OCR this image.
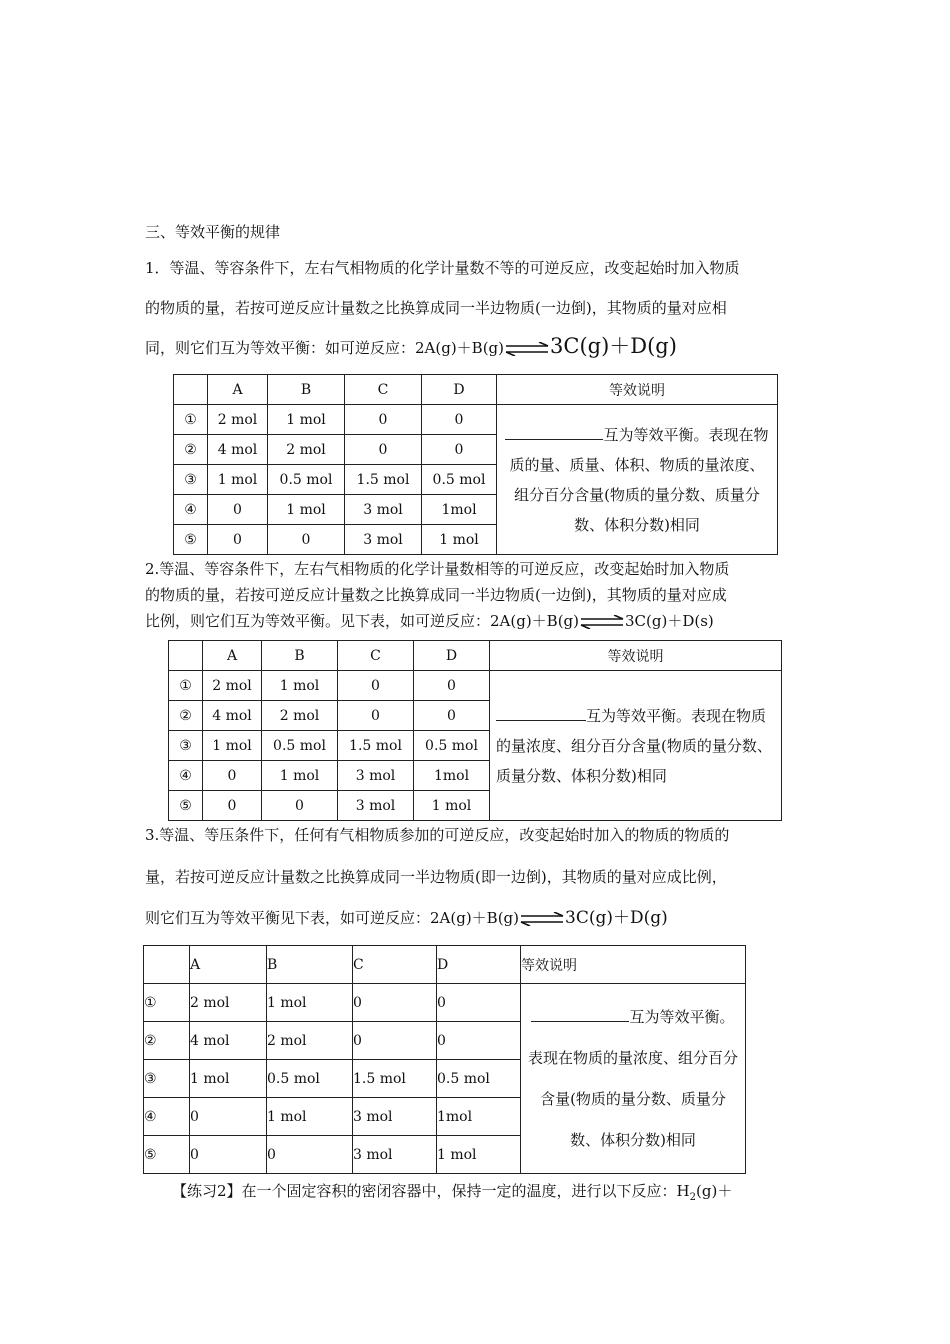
三、等效平衡的规律
1．等温、等容条件下，左右气相物质的化学计量数不等的可逆反应，改变起始时加入物质
的物质的量，若按可逆反应计量数之比换算成同一半边物质(一边倒)，其物质的量对应相
同，则它们互为等效平衡：如可逆反应：2A(g)＋B(g) 3C(g)＋D(g)
	A	B	C	D	等效说明
①	2 mol	1 mol	0	0	互为等效平衡。表现在物质的量、质量、体积、物质的量浓度、组分百分含量(物质的量分数、质量分数、体积分数)相同
②	4 mol	2 mol	0	0	
③	1 mol	0.5 mol	1.5 mol	0.5 mol	
④	0	1 mol	3 mol	1mol	
⑤	0	0	3 mol	1 mol	
2.等温、等容条件下，左右气相物质的化学计量数相等的可逆反应，改变起始时加入物质
的物质的量，若按可逆反应计量数之比换算成同一半边物质(一边倒)，其物质的量对应成
比例，则它们互为等效平衡。见下表，如可逆反应：2A(g)＋B(g)	3C(g)＋D(s)
	A	B	C	D	等效说明
①	2 mol	1 mol	0	0	互为等效平衡。表现在物质的量浓度、组分百分含量(物质的量分数、质量分数、体积分数)相同
②	4 mol	2 mol	0	0	
③	1 mol	0.5 mol	1.5 mol	0.5 mol	
④	0	1 mol	3 mol	1mol	
⑤	0	0	3 mol	1 mol	
3.等温、等压条件下，任何有气相物质参加的可逆反应，改变起始时加入的物质的物质的
量，若按可逆反应计量数之比换算成同一半边物质(即一边倒)，其物质的量对应成比例，
则它们互为等效平衡见下表，如可逆反应：2A(g)＋B(g)	3C(g)＋D(g)
	A	B	C	D	等效说明
①	2 mol	1 mol	0	0	互为等效平衡。表现在物质的量浓度、组分百分含量(物质的量分数、质量分数、体积分数)相同
②	4 mol	2 mol	0	0	
③	1 mol	0.5 mol	1.5 mol	0.5 mol	
④	0	1 mol	3 mol	1mol	
⑤	0	0	3 mol	1 mol	
【练习2】在一个固定容积的密闭容器中，保持一定的温度，进行以下反应：$H_2(g)+$
